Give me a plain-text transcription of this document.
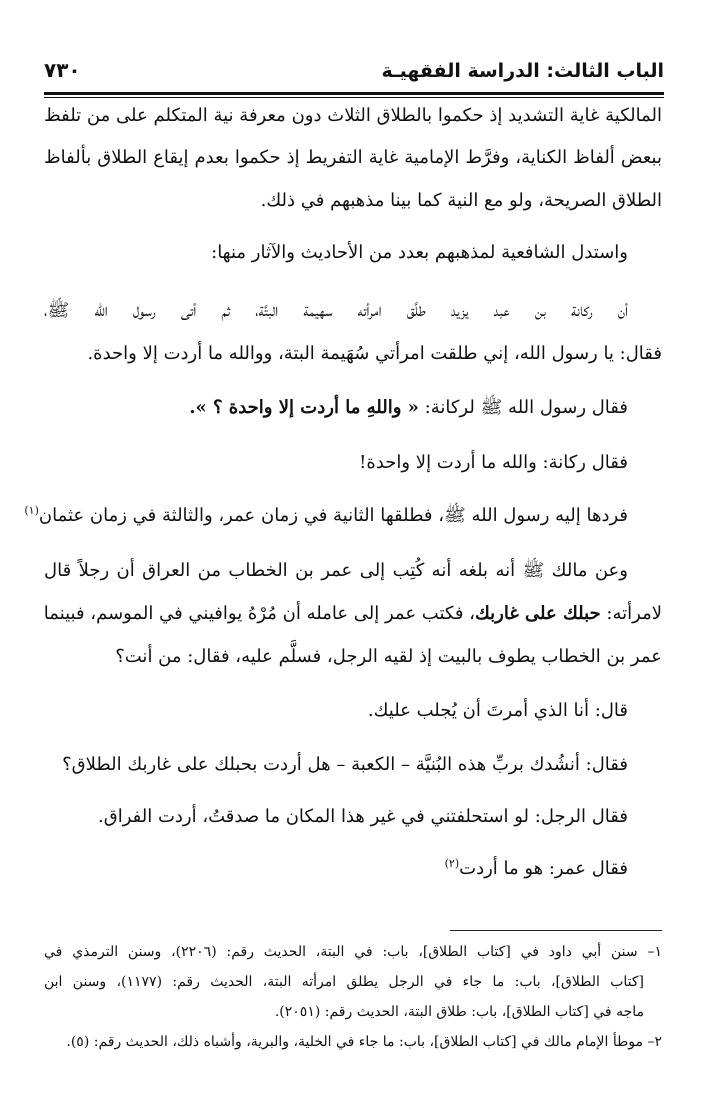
الباب الثالث: الدراسة الفقهيـة
٧٣٠
المالكية غاية التشديد إذ حكموا بالطلاق الثلاث دون معرفة نية المتكلم على من تلفظ
ببعض ألفاظ الكناية، وفرَّط الإمامية غاية التفريط إذ حكموا بعدم إيقاع الطلاق بألفاظ
الطلاق الصريحة، ولو مع النية كما بينا مذهبهم في ذلك.
واستدل الشافعية لمذهبهم بعدد من الأحاديث والآثار منها:
أن ركانة بن عبد يزيد طلَّق امرأته سهيمة البتَّة، ثم أتى رسول الله ﷺ،
فقال: يا رسول الله، إني طلقت امرأتي سُهَيمة البتة، ووالله ما أردت إلا واحدة.
فقال رسول الله ﷺ لركانة: « واللهِ ما أردت إلا واحدة ؟ ».
فقال ركانة: والله ما أردت إلا واحدة!
فردها إليه رسول الله ﷺ، فطلقها الثانية في زمان عمر، والثالثة في زمان عثمان$^{(١)}$
وعن مالك ﷺ أنه بلغه أنه كُتِب إلى عمر بن الخطاب من العراق أن رجلاً قال
لامرأته: حبلك على غاربك، فكتب عمر إلى عامله أن مُرْهُ يوافيني في الموسم، فبينما
عمر بن الخطاب يطوف بالبيت إذ لقيه الرجل، فسلَّم عليه، فقال: من أنت؟
قال: أنا الذي أمرتَ أن يُجلب عليك.
فقال: أنشُدك بربِّ هذه البُنيَّة – الكعبة – هل أردت بحبلك على غاربك الطلاق؟
فقال الرجل: لو استحلفتني في غير هذا المكان ما صدقتُ، أردت الفراق.
فقال عمر: هو ما أردت$^{(٢)}$
١– سنن أبي داود في [كتاب الطلاق]، باب: في البتة، الحديث رقم: (٢٢٠٦)، وسنن الترمذي في
[كتاب الطلاق]، باب: ما جاء في الرجل يطلق امرأته البتة، الحديث رقم: (١١٧٧)، وسنن ابن
ماجه في [كتاب الطلاق]، باب: طلاق البتة، الحديث رقم: (٢٠٥١).
٢– موطأ الإمام مالك في [كتاب الطلاق]، باب: ما جاء في الخلية، والبرية، وأشباه ذلك، الحديث رقم: (٥).
